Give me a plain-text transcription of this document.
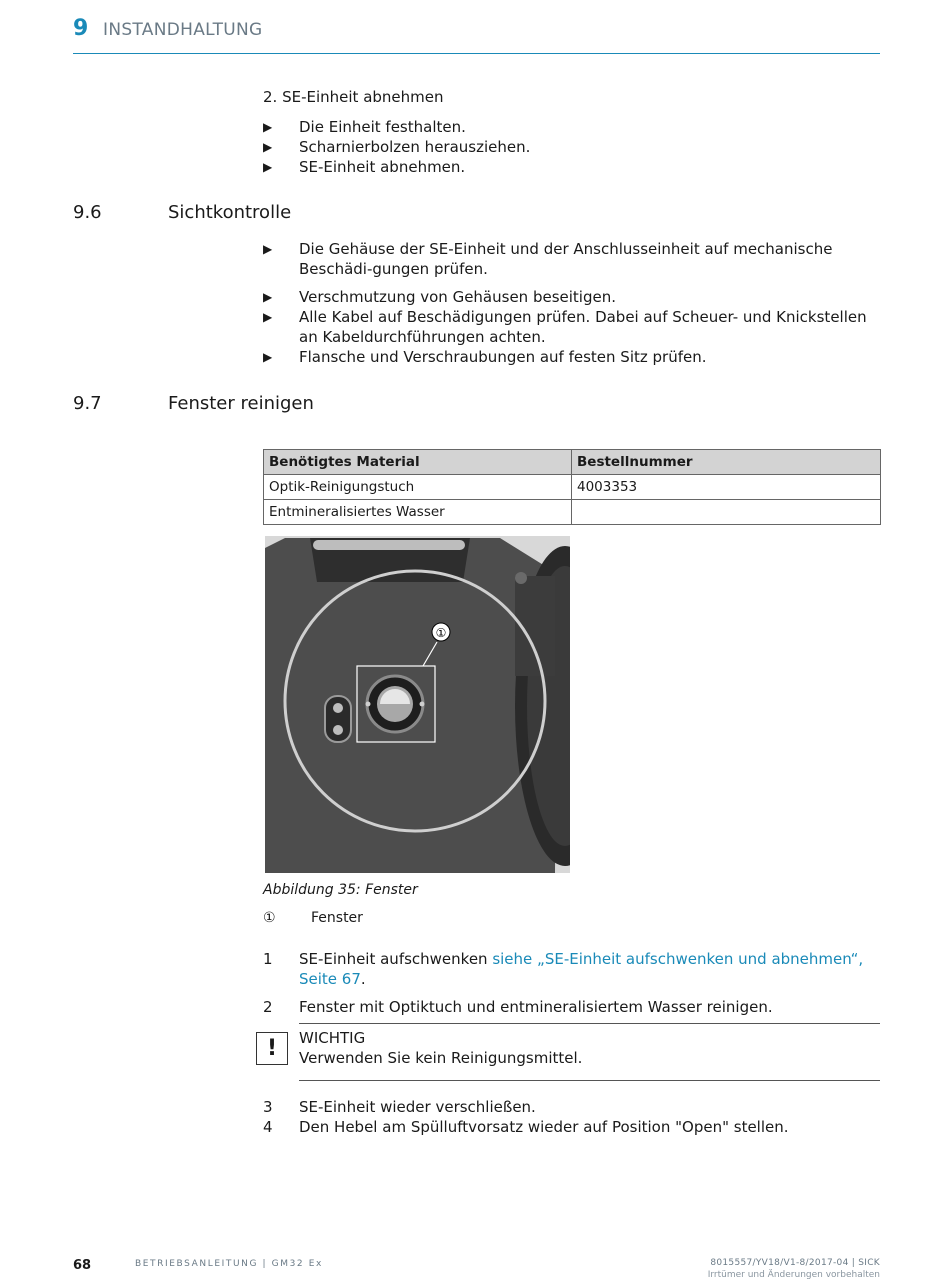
9 INSTANDHALTUNG
2. SE-Einheit abnehmen
▶ Die Einheit festhalten.
▶ Scharnierbolzen herausziehen.
▶ SE-Einheit abnehmen.
9.6	Sichtkontrolle
▶ Die Gehäuse der SE-Einheit und der Anschlusseinheit auf mechanische Beschädi-gungen prüfen.
▶ Verschmutzung von Gehäusen beseitigen.
▶ Alle Kabel auf Beschädigungen prüfen. Dabei auf Scheuer- und Knickstellen an Kabeldurchführungen achten.
▶ Flansche und Verschraubungen auf festen Sitz prüfen.
9.7	Fenster reinigen
Benötigtes Material	Bestellnummer
Optik-Reinigungstuch	4003353
Entmineralisiertes Wasser	
①
Abbildung 35: Fenster
①	Fenster
1 SE-Einheit aufschwenken siehe „SE-Einheit aufschwenken und abnehmen“, Seite 67.
2 Fenster mit Optiktuch und entmineralisiertem Wasser reinigen.
!	WICHTIG
Verwenden Sie kein Reinigungsmittel.
3 SE-Einheit wieder verschließen.
4 Den Hebel am Spülluftvorsatz wieder auf Position "Open" stellen.
68	BETRIEBSANLEITUNG | GM32 Ex	8015557/YV18/V1-8/2017-04 | SICK
Irrtümer und Änderungen vorbehalten
